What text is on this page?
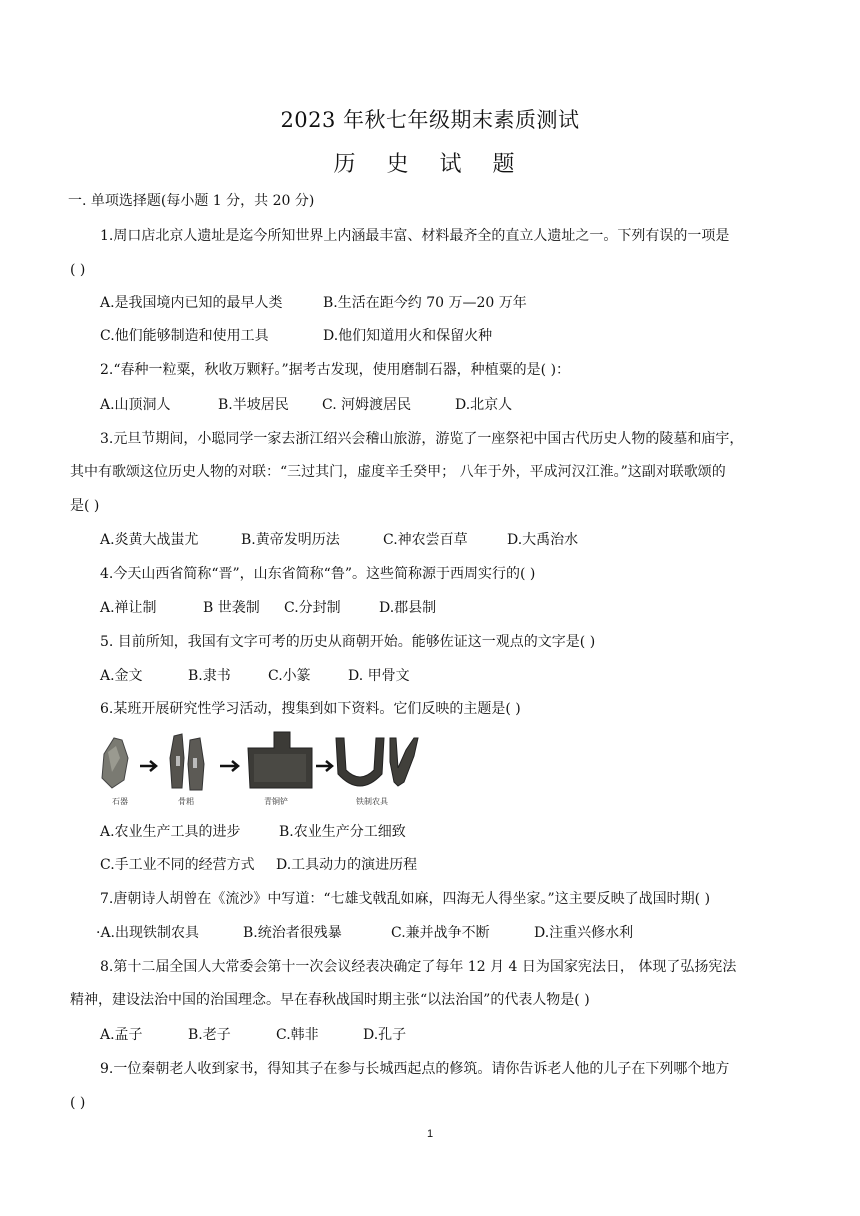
2023 年秋七年级期末素质测试
历 史 试 题
一. 单项选择题(每小题 1 分，共 20 分)
1.周口店北京人遗址是迄今所知世界上内涵最丰富、材料最齐全的直立人遗址之一。下列有误的一项是
( )
A.是我国境内已知的最早人类	B.生活在距今约 70 万—20 万年
C.他们能够制造和使用工具	D.他们知道用火和保留火种
2.“春种一粒粟，秋收万颗籽。”据考古发现，使用磨制石器，种植粟的是( )：
A.山顶洞人	B.半坡居民 C. 河姆渡居民	D.北京人
3.元旦节期间，小聪同学一家去浙江绍兴会稽山旅游，游览了一座祭祀中国古代历史人物的陵墓和庙宇，
其中有歌颂这位历史人物的对联：“三过其门，虚度辛壬癸甲； 八年于外，平成河汉江淮。”这副对联歌颂的
是( )
A.炎黄大战蚩尤	B.黄帝发明历法	C.神农尝百草	D.大禹治水
4.今天山西省简称“晋”，山东省简称“鲁”。这些简称源于西周实行的( )
A.禅让制	B 世袭制 C.分封制	D.郡县制
5. 目前所知，我国有文字可考的历史从商朝开始。能够佐证这一观点的文字是( )
A.金文	B.隶书	C.小篆	D. 甲骨文
6.某班开展研究性学习活动，搜集到如下资料。它们反映的主题是( )
石器	骨耜	青铜铲	铁制农具
A.农业生产工具的进步	B.农业生产分工细致
C.手工业不同的经营方式 D.工具动力的演进历程
7.唐朝诗人胡曾在《流沙》中写道：“七雄戈戟乱如麻，四海无人得坐家。”这主要反映了战国时期( )
·A.出现铁制农具	B.统治者很残暴	C.兼并战争不断	D.注重兴修水利
8.第十二届全国人大常委会第十一次会议经表决确定了每年 12 月 4 日为国家宪法日， 体现了弘扬宪法
精神，建设法治中国的治国理念。早在春秋战国时期主张“以法治国”的代表人物是( )
A.孟子	B.老子	C.韩非	D.孔子
9.一位秦朝老人收到家书，得知其子在参与长城西起点的修筑。请你告诉老人他的儿子在下列哪个地方
( )
1
